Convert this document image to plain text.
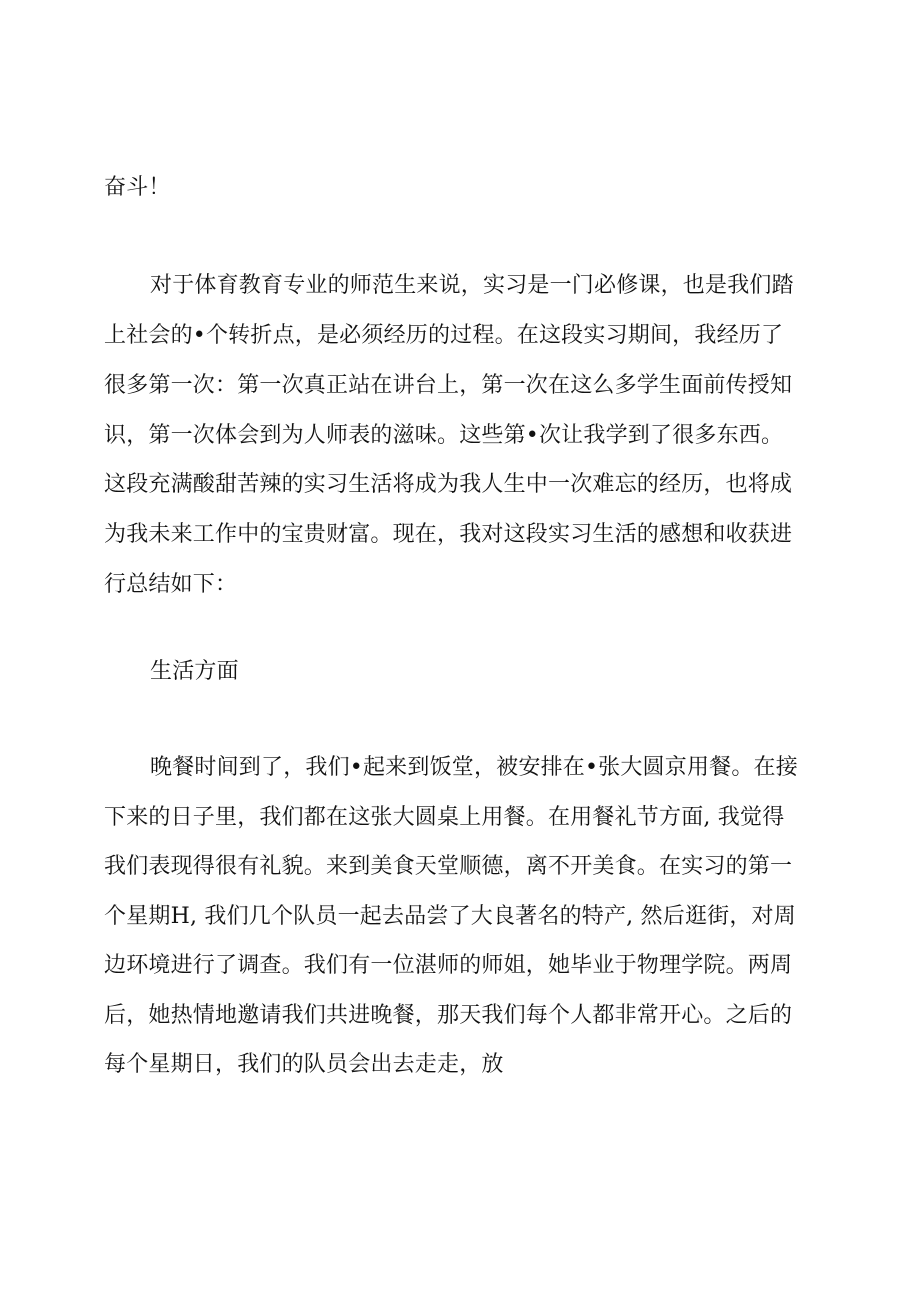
奋斗！
对于体育教育专业的师范生来说，实习是一门必修课，也是我们踏
上社会的•个转折点，是必须经历的过程。在这段实习期间，我经历了
很多第一次：第一次真正站在讲台上，第一次在这么多学生面前传授知
识，第一次体会到为人师表的滋味。这些第•次让我学到了很多东西。
这段充满酸甜苦辣的实习生活将成为我人生中一次难忘的经历，也将成
为我未来工作中的宝贵财富。现在，我对这段实习生活的感想和收获进
行总结如下：
生活方面
晚餐时间到了，我们•起来到饭堂，被安排在•张大圆京用餐。在接
下来的日子里，我们都在这张大圆桌上用餐。在用餐礼节方面, 我觉得
我们表现得很有礼貌。来到美食天堂顺德，离不开美食。在实习的第一
个星期H, 我们几个队员一起去品尝了大良著名的特产, 然后逛街，对周
边环境进行了调查。我们有一位湛师的师姐，她毕业于物理学院。两周
后，她热情地邀请我们共进晚餐，那天我们每个人都非常开心。之后的
每个星期日，我们的队员会出去走走，放
